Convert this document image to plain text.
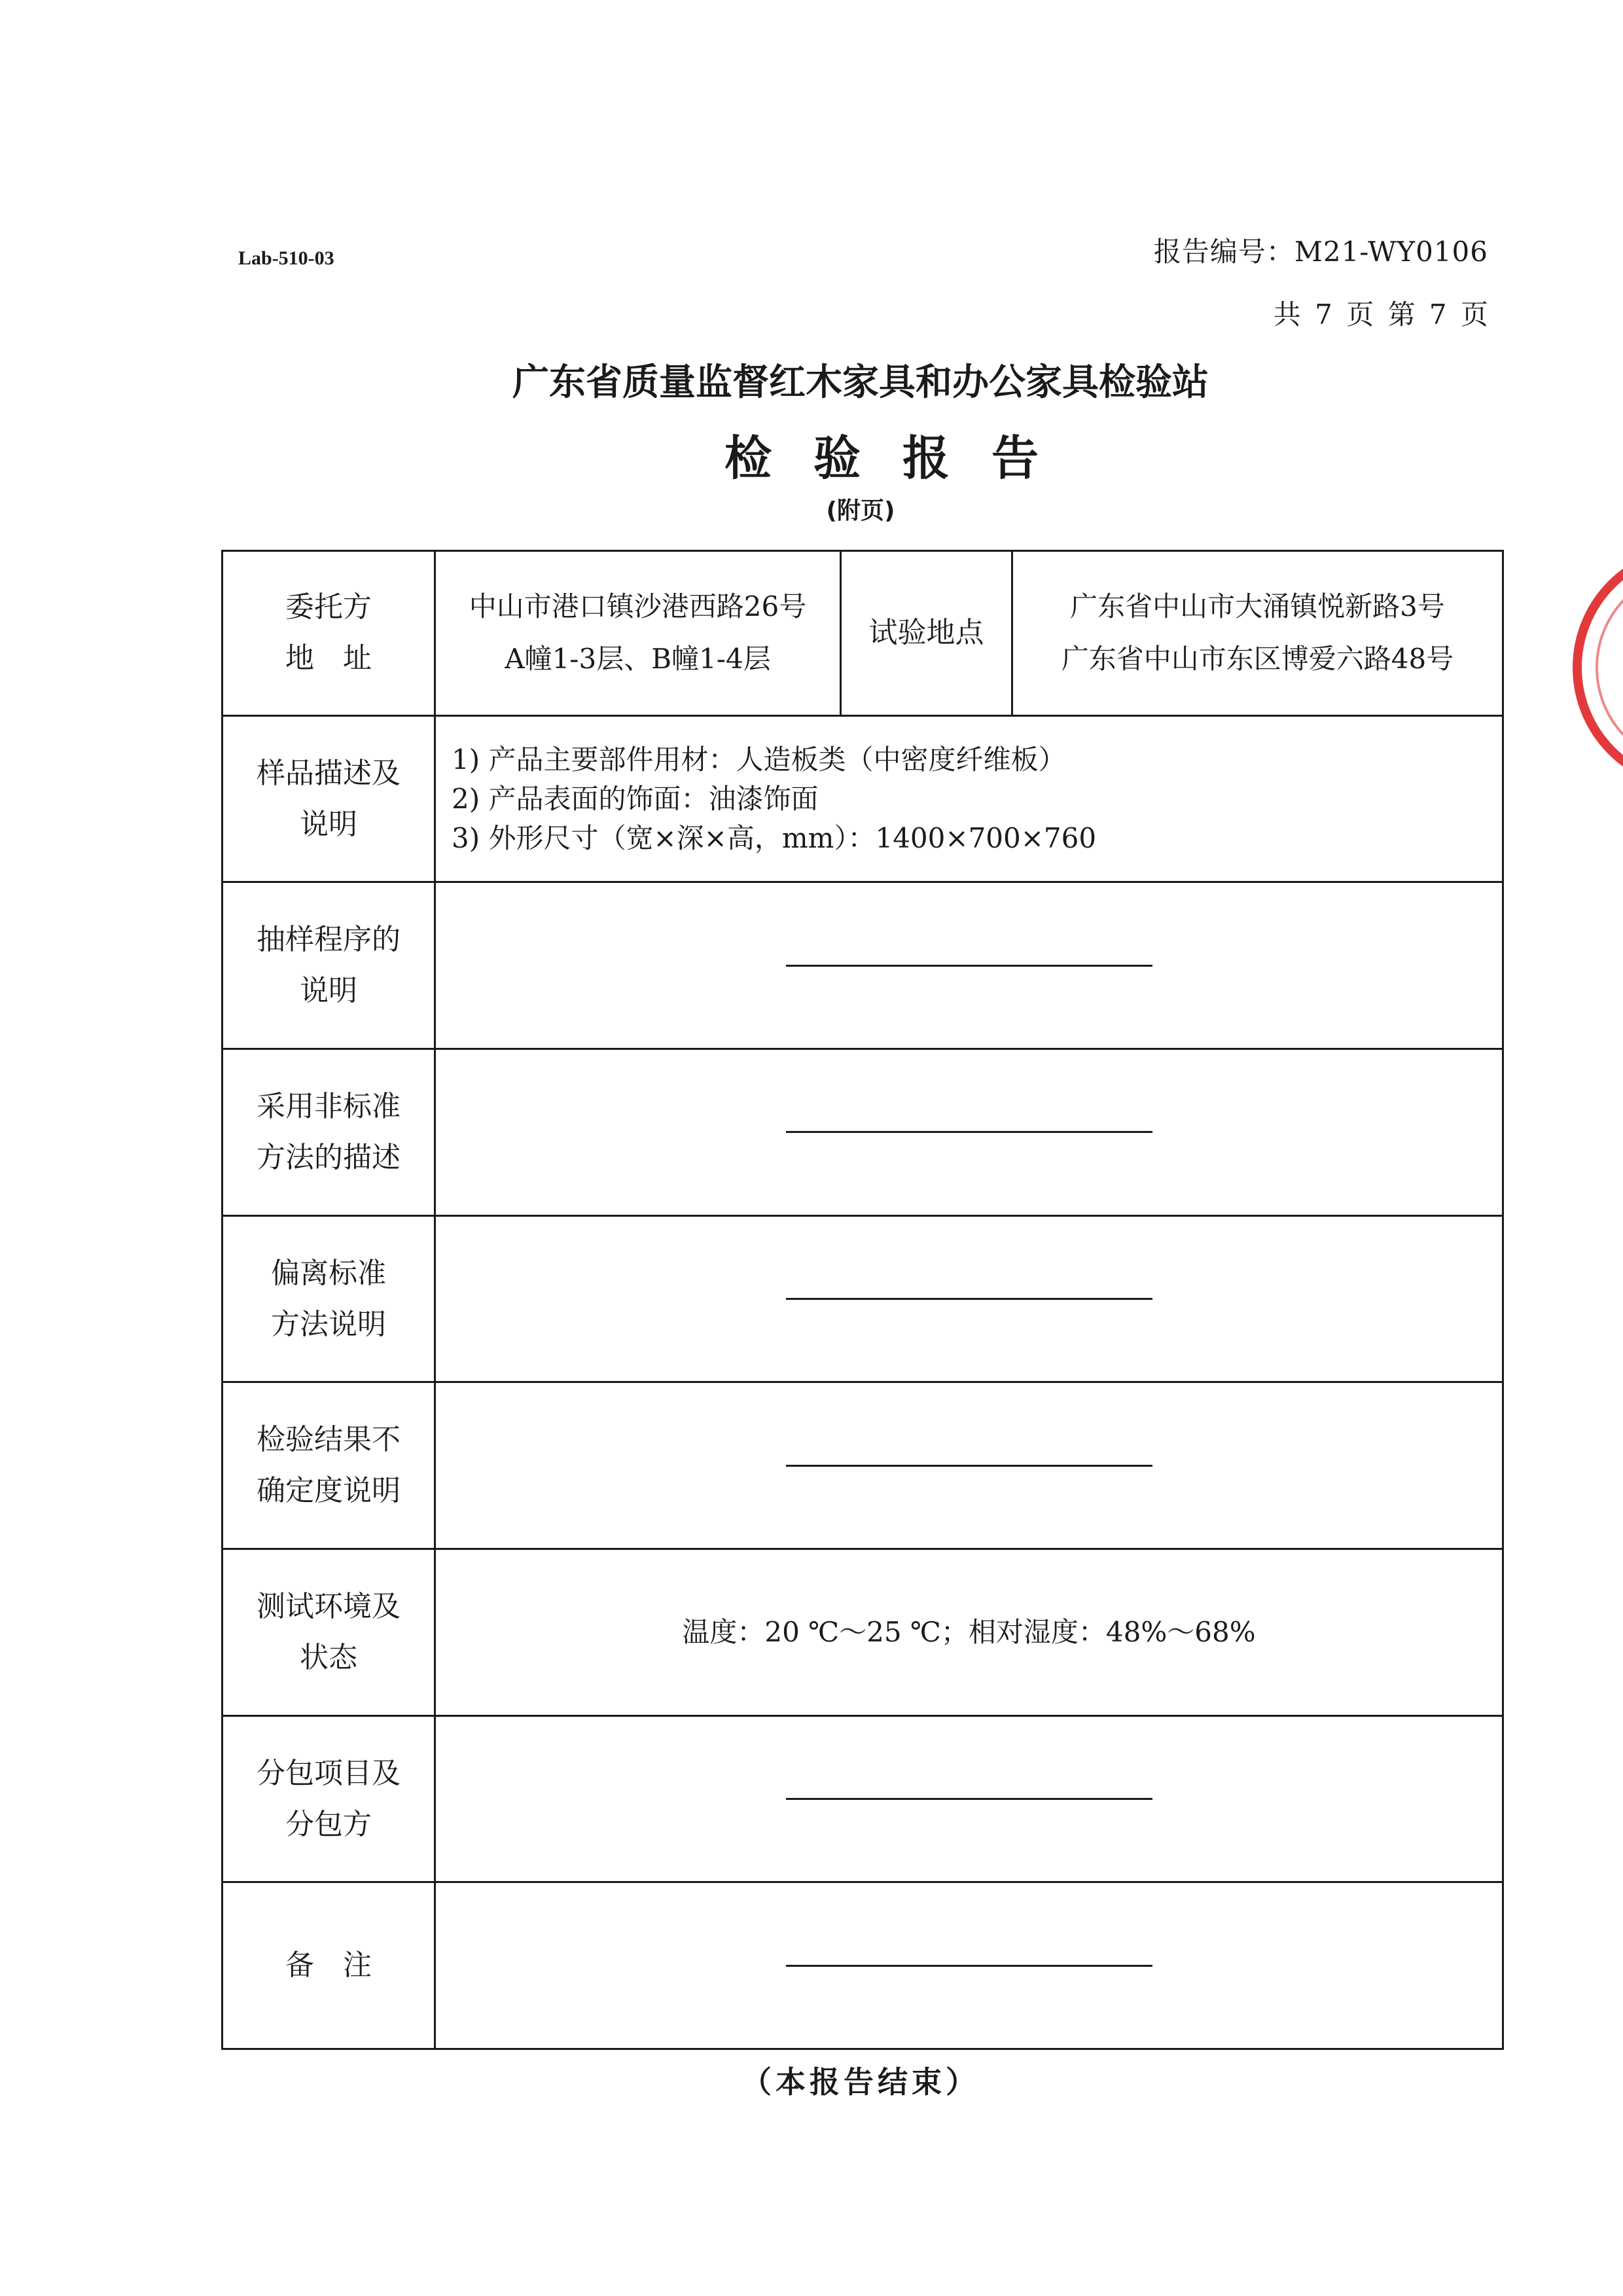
Lab-510-03	报告编号：M21-WY0106
共 7 页 第 7 页
广东省质量监督红木家具和办公家具检验站
检验报告
(附页)
委托方
地　址
中山市港口镇沙港西路26号
A幢1-3层、B幢1-4层
试验地点
广东省中山市大涌镇悦新路3号
广东省中山市东区博爱六路48号
样品描述及
说明
1) 产品主要部件用材：人造板类（中密度纤维板）
2) 产品表面的饰面：油漆饰面
3) 外形尺寸（宽×深×高，mm）：1400×700×760
抽样程序的
说明
采用非标准
方法的描述
偏离标准
方法说明
检验结果不
确定度说明
测试环境及
状态
温度：20 ℃～25 ℃；相对湿度：48%～68%
分包项目及
分包方
备　注
（本报告结束）
